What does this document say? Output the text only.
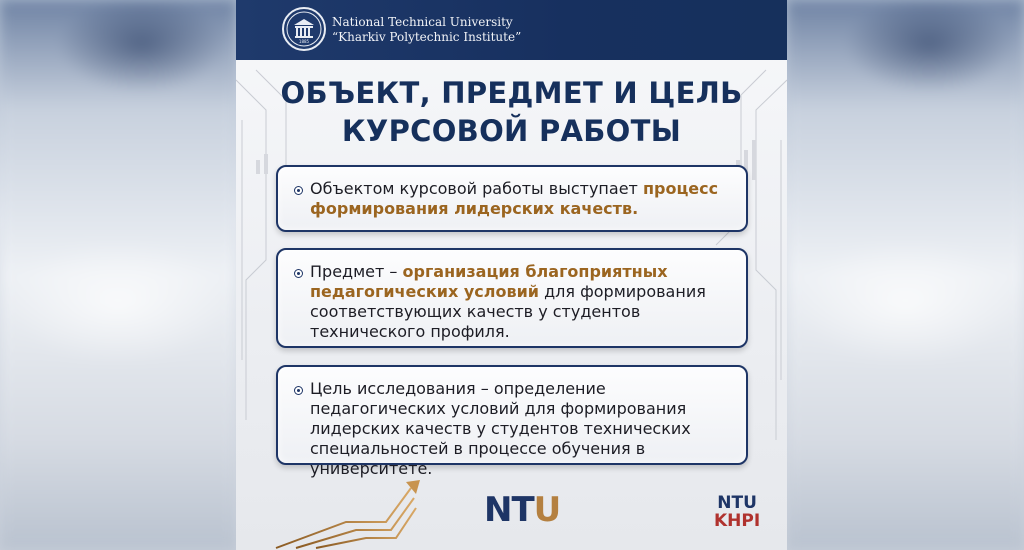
1885
National Technical University
“Kharkiv Polytechnic Institute”
ОБЪЕКТ, ПРЕДМЕТ И ЦЕЛЬ
КУРСОВОЙ РАБОТЫ
Объектом курсовой работы выступает процесс формирования лидерских качеств.
Предмет – организация благоприятных педагогических условий для формирования соответствующих качеств у студентов технического профиля.
Цель исследования – определение педагогических условий для формирования лидерских качеств у студентов технических специальностей в процессе обучения в университете.
NTU	NTU
KHPI
